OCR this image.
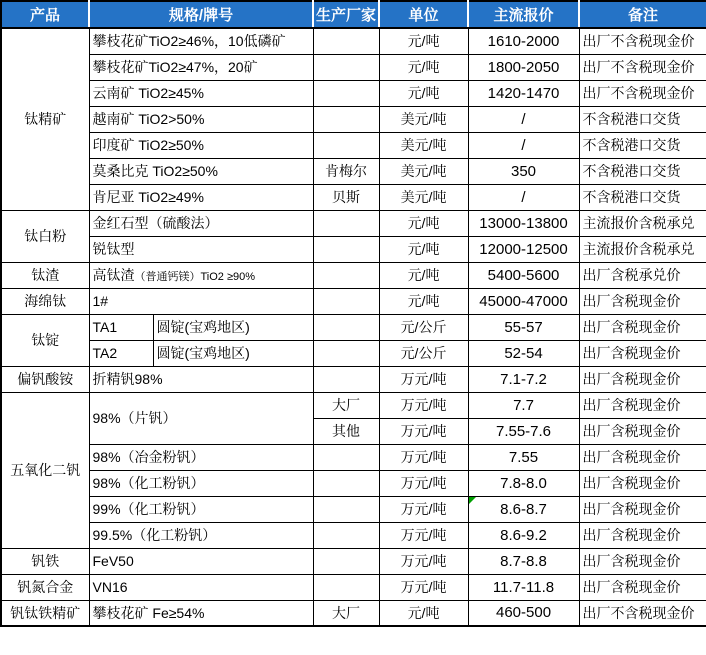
产品	规格/牌号		生产厂家	单位	主流报价	备注
钛精矿	攀枝花矿TiO2≥46%，10低磷矿			元/吨	1610-2000	出厂不含税现金价
	攀枝花矿TiO2≥47%，20矿			元/吨	1800-2050	出厂不含税现金价
	云南矿 TiO2≥45%			元/吨	1420-1470	出厂不含税现金价
	越南矿 TiO2>50%			美元/吨	/	不含税港口交货
	印度矿 TiO2≥50%			美元/吨	/	不含税港口交货
	莫桑比克 TiO2≥50%		肯梅尔	美元/吨	350	不含税港口交货
	肯尼亚 TiO2≥49%		贝斯	美元/吨	/	不含税港口交货
钛白粉	金红石型（硫酸法）			元/吨	13000-13800	主流报价含税承兑
	锐钛型			元/吨	12000-12500	主流报价含税承兑
钛渣	高钛渣（普通钙镁）TiO2 ≥90%			元/吨	5400-5600	出厂含税承兑价
海绵钛	1#			元/吨	45000-47000	出厂含税现金价
钛锭	TA1	圆锭(宝鸡地区)		元/公斤	55-57	出厂含税现金价
	TA2	圆锭(宝鸡地区)		元/公斤	52-54	出厂含税现金价
偏钒酸铵	折精钒98%			万元/吨	7.1-7.2	出厂含税现金价
五氧化二钒	98%（片钒）		大厂	万元/吨	7.7	出厂含税现金价
			其他	万元/吨	7.55-7.6	出厂含税现金价
	98%（冶金粉钒）			万元/吨	7.55	出厂含税现金价
	98%（化工粉钒）			万元/吨	7.8-8.0	出厂含税现金价
	99%（化工粉钒）			万元/吨	8.6-8.7	出厂含税现金价
	99.5%（化工粉钒）			万元/吨	8.6-9.2	出厂含税现金价
钒铁	FeV50			万元/吨	8.7-8.8	出厂含税现金价
钒氮合金	VN16			万元/吨	11.7-11.8	出厂含税现金价
钒钛铁精矿	攀枝花矿 Fe≥54%		大厂	元/吨	460-500	出厂不含税现金价
